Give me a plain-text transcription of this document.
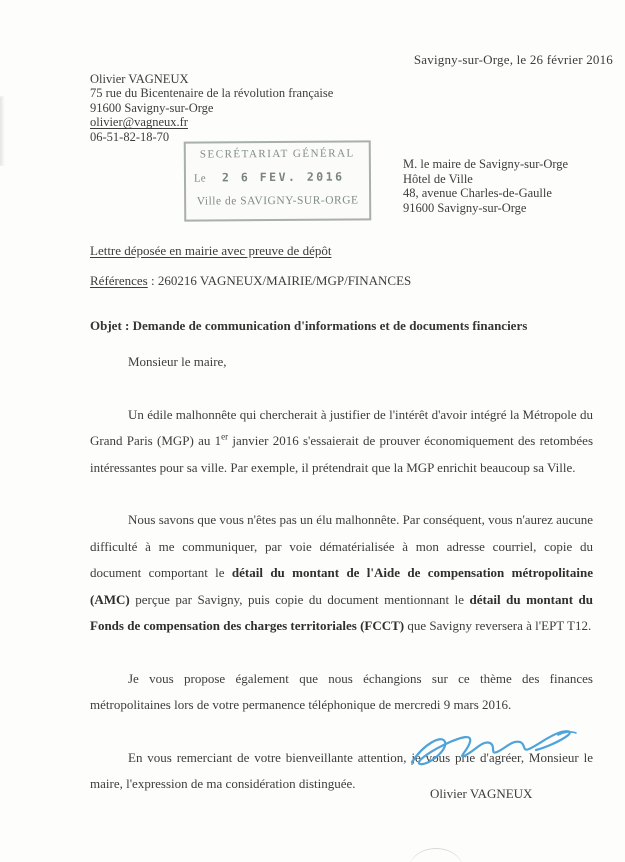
Savigny-sur-Orge, le 26 février 2016
Olivier VAGNEUX
75 rue du Bicentenaire de la révolution française
91600 Savigny-sur-Orge
olivier@vagneux.fr
06-51-82-18-70
SECRÉTARIAT GÉNÉRAL
Le	2 6 FEV. 2016
Ville de SAVIGNY-SUR-ORGE
M. le maire de Savigny-sur-Orge
Hôtel de Ville
48, avenue Charles-de-Gaulle
91600 Savigny-sur-Orge
Lettre déposée en mairie avec preuve de dépôt
Références : 260216 VAGNEUX/MAIRIE/MGP/FINANCES
Objet : Demande de communication d'informations et de documents financiers

Monsieur le maire,

Un édile malhonnête qui chercherait à justifier de l'intérêt d'avoir intégré la Métropole du Grand Paris (MGP) au 1er janvier 2016 s'essaierait de prouver économiquement des retombées intéressantes pour sa ville. Par exemple, il prétendrait que la MGP enrichit beaucoup sa Ville.

Nous savons que vous n'êtes pas un élu malhonnête. Par conséquent, vous n'aurez aucune difficulté à me communiquer, par voie dématérialisée à mon adresse courriel, copie du document comportant le détail du montant de l'Aide de compensation métropolitaine (AMC) perçue par Savigny, puis copie du document mentionnant le détail du montant du Fonds de compensation des charges territoriales (FCCT) que Savigny reversera à l'EPT T12.

Je vous propose également que nous échangions sur ce thème des finances métropolitaines lors de votre permanence téléphonique de mercredi 9 mars 2016.

En vous remerciant de votre bienveillante attention, je vous prie d'agréer, Monsieur le maire, l'expression de ma considération distinguée.

Olivier VAGNEUX
